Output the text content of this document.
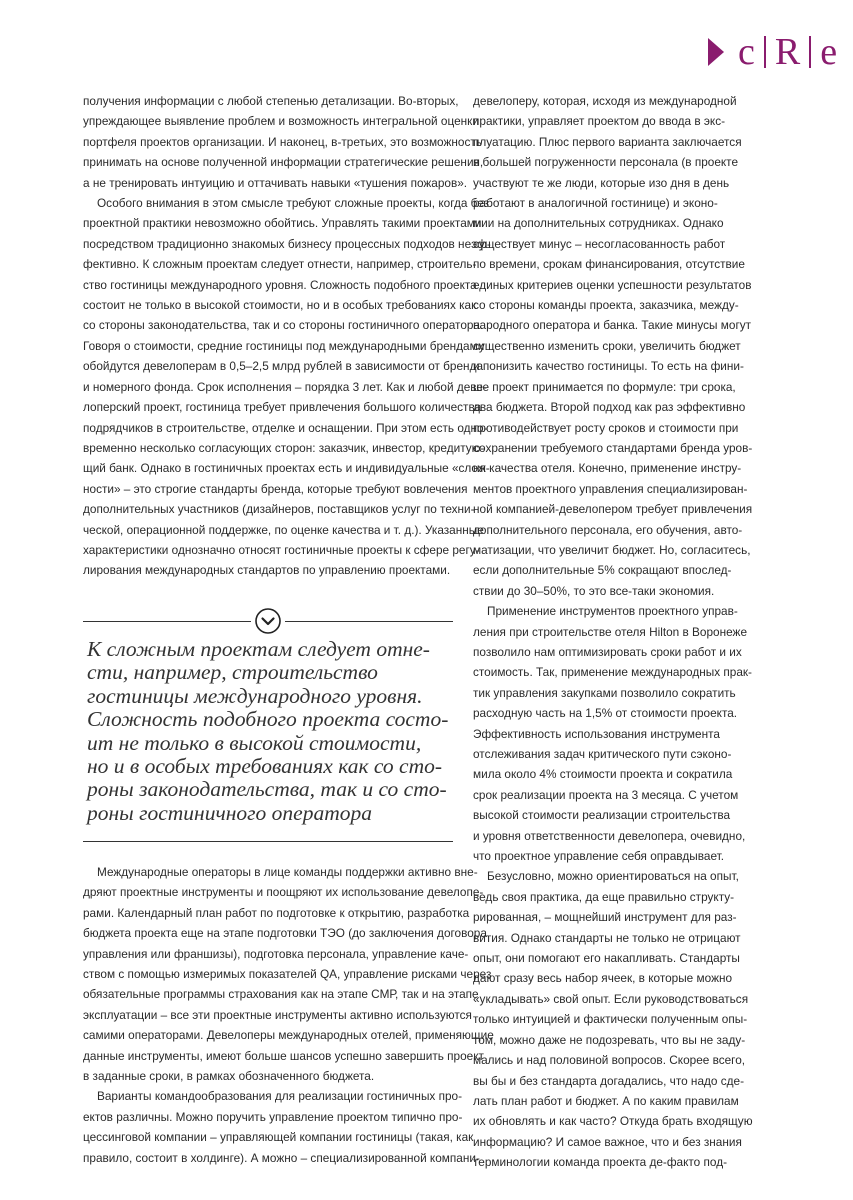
c R e

получения информации с любой степенью детализации. Во-вторых,
упреждающее выявление проблем и возможность интегральной оценки
портфеля проектов организации. И наконец, в-третьих, это возможность
принимать на основе полученной информации стратегические решения,
а не тренировать интуицию и оттачивать навыки «тушения пожаров».

Особого внимания в этом смысле требуют сложные проекты, когда без
проектной практики невозможно обойтись. Управлять такими проектами
посредством традиционно знакомых бизнесу процессных подходов неэф-
фективно. К сложным проектам следует отнести, например, строитель-
ство гостиницы международного уровня. Сложность подобного проекта
состоит не только в высокой стоимости, но и в особых требованиях как
со стороны законодательства, так и со стороны гостиничного оператора.
Говоря о стоимости, средние гостиницы под международными брендами
обойдутся девелоперам в 0,5–2,5 млрд рублей в зависимости от бренда
и номерного фонда. Срок исполнения – порядка 3 лет. Как и любой деве-
лоперский проект, гостиница требует привлечения большого количества
подрядчиков в строительстве, отделке и оснащении. При этом есть одно-
временно несколько согласующих сторон: заказчик, инвестор, кредитую-
щий банк. Однако в гостиничных проектах есть и индивидуальные «слож-
ности» – это строгие стандарты бренда, которые требуют вовлечения
дополнительных участников (дизайнеров, поставщиков услуг по техни-
ческой, операционной поддержке, по оценке качества и т. д.). Указанные
характеристики однозначно относят гостиничные проекты к сфере регу-
лирования международных стандартов по управлению проектами.

К сложным проектам следует отне-
сти, например, строительство
гостиницы международного уровня.
Сложность подобного проекта состо-
ит не только в высокой стоимости,
но и в особых требованиях как со сто-
роны законодательства, так и со сто-
роны гостиничного оператора

Международные операторы в лице команды поддержки активно вне-
дряют проектные инструменты и поощряют их использование девелопе-
рами. Календарный план работ по подготовке к открытию, разработка
бюджета проекта еще на этапе подготовки ТЭО (до заключения договора
управления или франшизы), подготовка персонала, управление каче-
ством с помощью измеримых показателей QA, управление рисками через
обязательные программы страхования как на этапе СМР, так и на этапе
эксплуатации – все эти проектные инструменты активно используются
самими операторами. Девелоперы международных отелей, применяющие
данные инструменты, имеют больше шансов успешно завершить проект
в заданные сроки, в рамках обозначенного бюджета.

Варианты командообразования для реализации гостиничных про-
ектов различны. Можно поручить управление проектом типично про-
цессинговой компании – управляющей компании гостиницы (такая, как
правило, состоит в холдинге). А можно – специализированной компани-

девелоперу, которая, исходя из международной
практики, управляет проектом до ввода в экс-
плуатацию. Плюс первого варианта заключается
в большей погруженности персонала (в проекте
участвуют те же люди, которые изо дня в день
работают в аналогичной гостинице) и эконо-
мии на дополнительных сотрудниках. Однако
существует минус – несогласованность работ
по времени, срокам финансирования, отсутствие
единых критериев оценки успешности результатов
со стороны команды проекта, заказчика, между-
народного оператора и банка. Такие минусы могут
существенно изменить сроки, увеличить бюджет
и понизить качество гостиницы. То есть на фини-
ше проект принимается по формуле: три срока,
два бюджета. Второй подход как раз эффективно
противодействует росту сроков и стоимости при
сохранении требуемого стандартами бренда уров-
ня качества отеля. Конечно, применение инстру-
ментов проектного управления специализирован-
ной компанией-девелопером требует привлечения
дополнительного персонала, его обучения, авто-
матизации, что увеличит бюджет. Но, согласитесь,
если дополнительные 5% сокращают впослед-
ствии до 30–50%, то это все-таки экономия.

Применение инструментов проектного управ-
ления при строительстве отеля Hilton в Воронеже
позволило нам оптимизировать сроки работ и их
стоимость. Так, применение международных прак-
тик управления закупками позволило сократить
расходную часть на 1,5% от стоимости проекта.
Эффективность использования инструмента
отслеживания задач критического пути сэконо-
мила около 4% стоимости проекта и сократила
срок реализации проекта на 3 месяца. С учетом
высокой стоимости реализации строительства
и уровня ответственности девелопера, очевидно,
что проектное управление себя оправдывает.

Безусловно, можно ориентироваться на опыт,
ведь своя практика, да еще правильно структу-
рированная, – мощнейший инструмент для раз-
вития. Однако стандарты не только не отрицают
опыт, они помогают его накапливать. Стандарты
дают сразу весь набор ячеек, в которые можно
«укладывать» свой опыт. Если руководствоваться
только интуицией и фактически полученным опы-
том, можно даже не подозревать, что вы не заду-
мались и над половиной вопросов. Скорее всего,
вы бы и без стандарта догадались, что надо сде-
лать план работ и бюджет. А по каким правилам
их обновлять и как часто? Откуда брать входящую
информацию? И самое важное, что и без знания
терминологии команда проекта де-факто под-
